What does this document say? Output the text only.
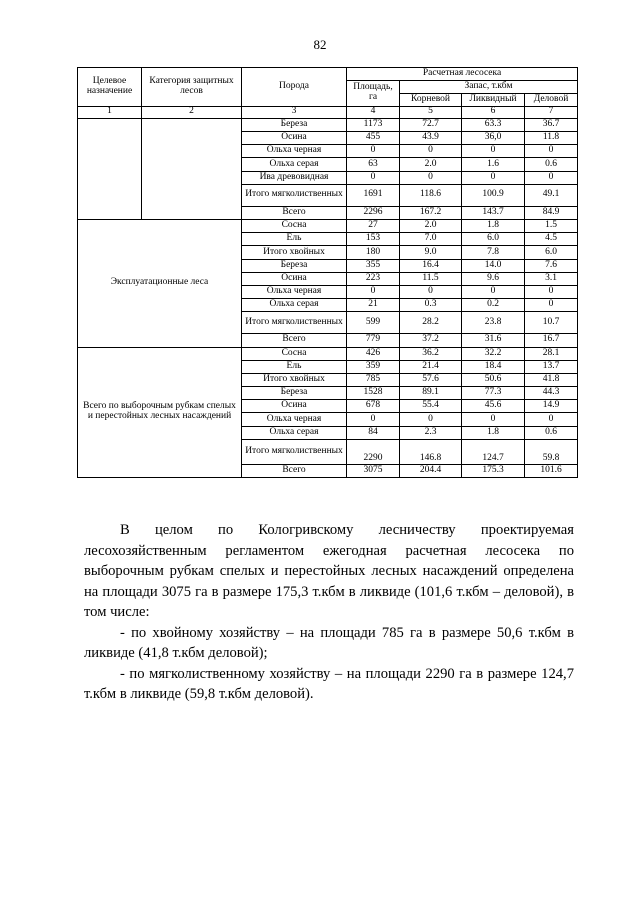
82
Целевое назначение	Категория защитных лесов	Порода	Расчетная лесосека			
			Площадь, га	Запас, т.кбм		
				Корневой	Ликвидный	Деловой
1	2	3	4	5	6	7
		Береза	1173	72.7	63.3	36.7
		Осина	455	43.9	36,0	11.8
		Ольха черная	0	0	0	0
		Ольха серая	63	2.0	1.6	0.6
		Ива древовидная	0	0	0	0
		Итого мягколиственных	1691	118.6	100.9	49.1
		Всего	2296	167.2	143.7	84.9
Эксплуатационные леса		Сосна	27	2.0	1.8	1.5
		Ель	153	7.0	6.0	4.5
		Итого хвойных	180	9.0	7.8	6.0
		Береза	355	16.4	14.0	7.6
		Осина	223	11.5	9.6	3.1
		Ольха черная	0	0	0	0
		Ольха серая	21	0.3	0.2	0
		Итого мягколиственных	599	28.2	23.8	10.7
		Всего	779	37.2	31.6	16.7
Всего по выборочным рубкам спелых и перестойных лесных насаждений		Сосна	426	36.2	32.2	28.1
		Ель	359	21.4	18.4	13.7
		Итого хвойных	785	57.6	50.6	41.8
		Береза	1528	89.1	77.3	44.3
		Осина	678	55.4	45.6	14.9
		Ольха черная	0	0	0	0
		Ольха серая	84	2.3	1.8	0.6
		Итого мягколиственных	2290	146.8	124.7	59.8
		Всего	3075	204.4	175.3	101.6

В целом по Кологривскому лесничеству проектируемая

лесохозяйственным регламентом ежегодная расчетная лесосека по выборочным рубкам спелых и перестойных лесных насаждений определена на площади 3075 га в размере 175,3 т.кбм в ликвиде (101,6 т.кбм – деловой), в том числе:

- по хвойному хозяйству – на площади 785 га в размере 50,6 т.кбм в ликвиде (41,8 т.кбм деловой);

- по мягколиственному хозяйству – на площади 2290 га в размере 124,7 т.кбм в ликвиде (59,8 т.кбм деловой).
